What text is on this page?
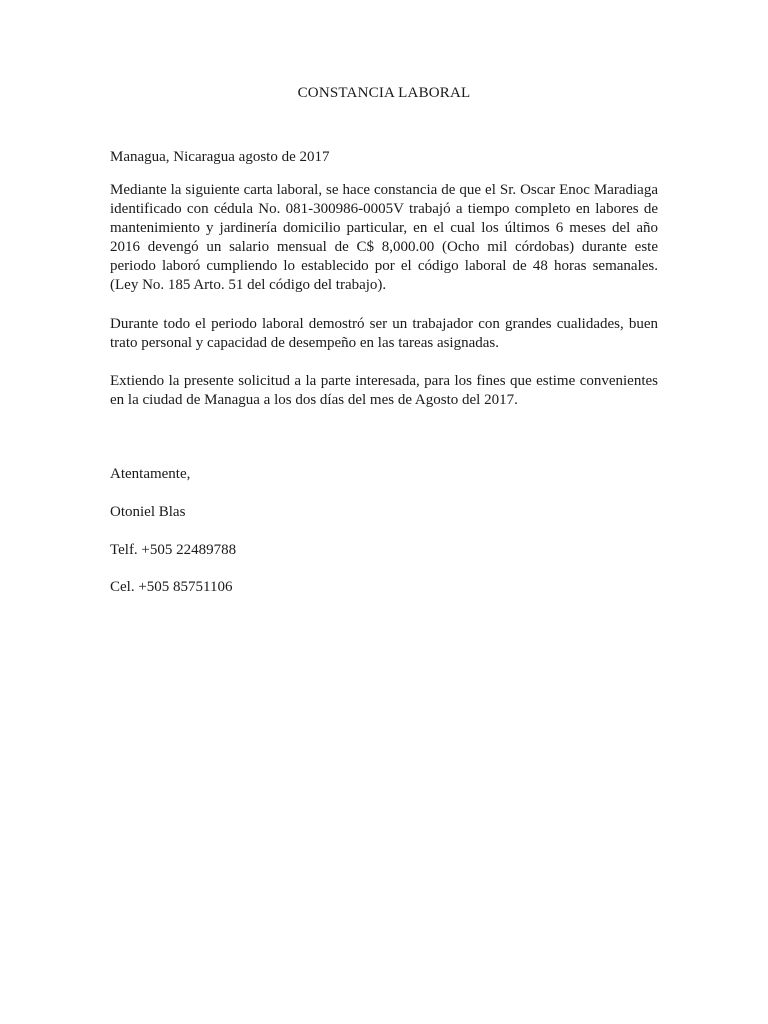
CONSTANCIA LABORAL
Managua, Nicaragua agosto de 2017
Mediante la siguiente carta laboral, se hace constancia de que el Sr. Oscar Enoc Maradiaga identificado con cédula No. 081-300986-0005V trabajó a tiempo completo en labores de mantenimiento y jardinería domicilio particular, en el cual los últimos 6 meses del año 2016 devengó un salario mensual de C$ 8,000.00 (Ocho mil córdobas) durante este periodo laboró cumpliendo lo establecido por el código laboral de 48 horas semanales. (Ley No. 185 Arto. 51 del código del trabajo).
Durante todo el periodo laboral demostró ser un trabajador con grandes cualidades, buen trato personal y capacidad de desempeño en las tareas asignadas.
Extiendo la presente solicitud a la parte interesada, para los fines que estime convenientes en la ciudad de Managua a los dos días del mes de Agosto del 2017.
Atentamente,
Otoniel Blas
Telf. +505 22489788
Cel. +505 85751106
